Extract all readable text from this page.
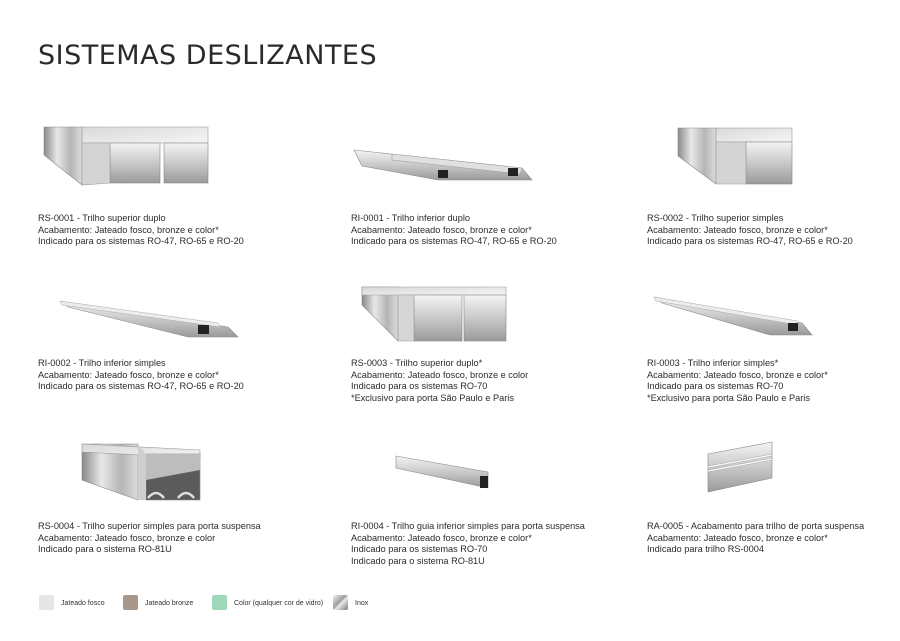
SISTEMAS DESLIZANTES
RS-0001 - Trilho superior duplo
Acabamento: Jateado fosco, bronze e color*
Indicado para os sistemas RO-47, RO-65 e RO-20
RI-0001 - Trilho inferior duplo
Acabamento: Jateado fosco, bronze e color*
Indicado para os sistemas RO-47, RO-65 e RO-20
RS-0002 - Trilho superior simples
Acabamento: Jateado fosco, bronze e color*
Indicado para os sistemas RO-47, RO-65 e RO-20
RI-0002 - Trilho inferior simples
Acabamento: Jateado fosco, bronze e color*
Indicado para os sistemas RO-47, RO-65 e RO-20
RS-0003 - Trilho superior duplo*
Acabamento: Jateado fosco, bronze e color
Indicado para os sistemas RO-70
*Exclusivo para porta São Paulo e Paris
RI-0003 - Trilho inferior simples*
Acabamento: Jateado fosco, bronze e color*
Indicado para os sistemas RO-70
*Exclusivo para porta São Paulo e Paris
RS-0004 - Trilho superior simples para porta suspensa
Acabamento: Jateado fosco, bronze e color
Indicado para o sistema RO-81U
RI-0004 - Trilho guia inferior simples para porta suspensa
Acabamento: Jateado fosco, bronze e color*
Indicado para os sistemas RO-70
Indicado para o sistema RO-81U
RA-0005 - Acabamento para trilho de porta suspensa
Acabamento: Jateado fosco, bronze e color*
Indicado para trilho RS-0004
Jateado fosco	Jateado bronze	Color (qualquer cor de vidro)	Inox
